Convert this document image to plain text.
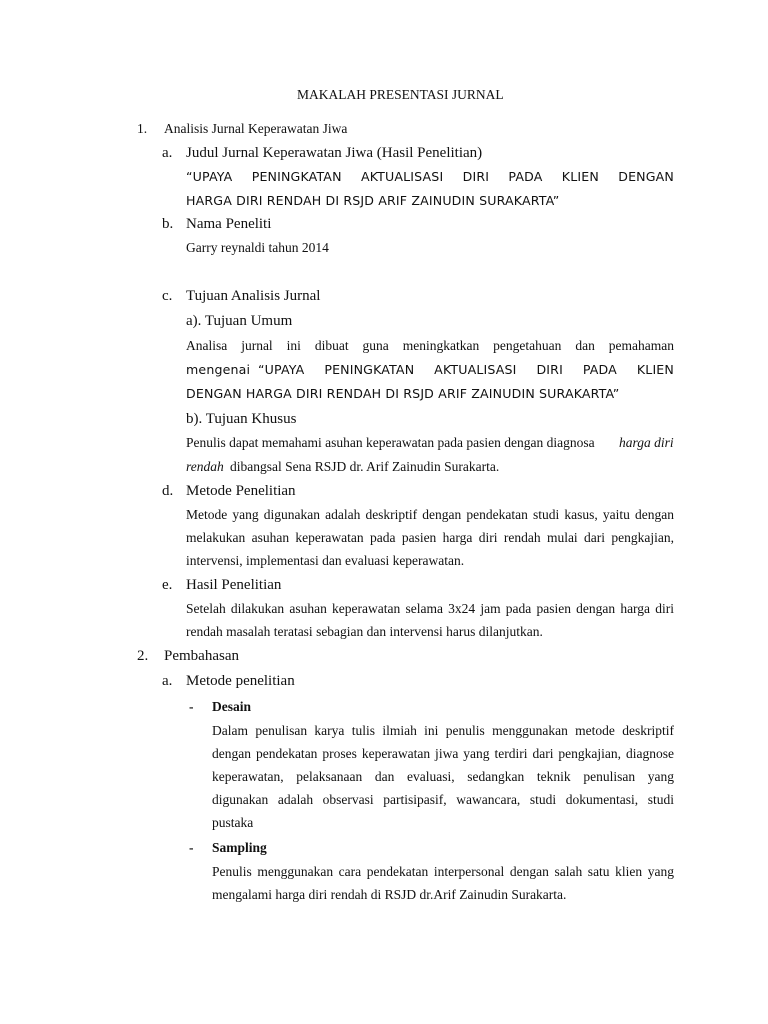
MAKALAH PRESENTASI JURNAL
1. Analisis Jurnal Keperawatan Jiwa
a. Judul Jurnal Keperawatan Jiwa (Hasil Penelitian)
“UPAYA PENINGKATAN AKTUALISASI DIRI PADA KLIEN DENGAN
HARGA DIRI RENDAH DI RSJD ARIF ZAINUDIN SURAKARTA”
b. Nama Peneliti
Garry reynaldi tahun 2014
c. Tujuan Analisis Jurnal
a). Tujuan Umum
Analisa jurnal ini dibuat guna meningkatkan pengetahuan dan pemahaman
mengenai “UPAYA PENINGKATAN AKTUALISASI DIRI PADA KLIEN
DENGAN HARGA DIRI RENDAH DI RSJD ARIF ZAINUDIN SURAKARTA”
b). Tujuan Khusus
Penulis dapat memahami asuhan keperawatan pada pasien dengan diagnosa harga diri
rendah dibangsal Sena RSJD dr. Arif Zainudin Surakarta.
d. Metode Penelitian
Metode yang digunakan adalah deskriptif dengan pendekatan studi kasus, yaitu dengan
melakukan asuhan keperawatan pada pasien harga diri rendah mulai dari pengkajian,
intervensi, implementasi dan evaluasi keperawatan.
e. Hasil Penelitian
Setelah dilakukan asuhan keperawatan selama 3x24 jam pada pasien dengan harga diri
rendah masalah teratasi sebagian dan intervensi harus dilanjutkan.
2. Pembahasan
a. Metode penelitian
- Desain
Dalam penulisan karya tulis ilmiah ini penulis menggunakan metode deskriptif
dengan pendekatan proses keperawatan jiwa yang terdiri dari pengkajian, diagnose
keperawatan, pelaksanaan dan evaluasi, sedangkan teknik penulisan yang
digunakan adalah observasi partisipasif, wawancara, studi dokumentasi, studi
pustaka
- Sampling
Penulis menggunakan cara pendekatan interpersonal dengan salah satu klien yang
mengalami harga diri rendah di RSJD dr.Arif Zainudin Surakarta.
